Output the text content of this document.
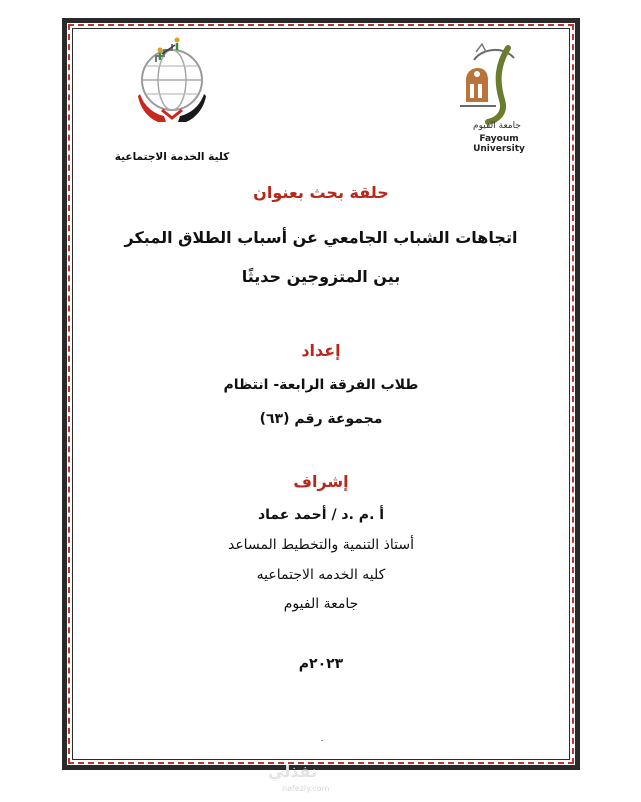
كلية الخدمة الاجتماعية
جامعة الفيوم
Fayoum University
حلقة بحث بعنوان
اتجاهات الشباب الجامعي عن أسباب الطلاق المبكر
بين المتزوجين حديثًا
إعداد
طلاب الفرقة الرابعة- انتظام
مجموعة رقم (٦٣)
إشراف
أ .م .د / أحمد عماد
أستاذ التنمية والتخطيط المساعد
كليه الخدمه الاجتماعيه
جامعة الفيوم
٢٠٢٣م
٠
نفذلي
nafezly.com
